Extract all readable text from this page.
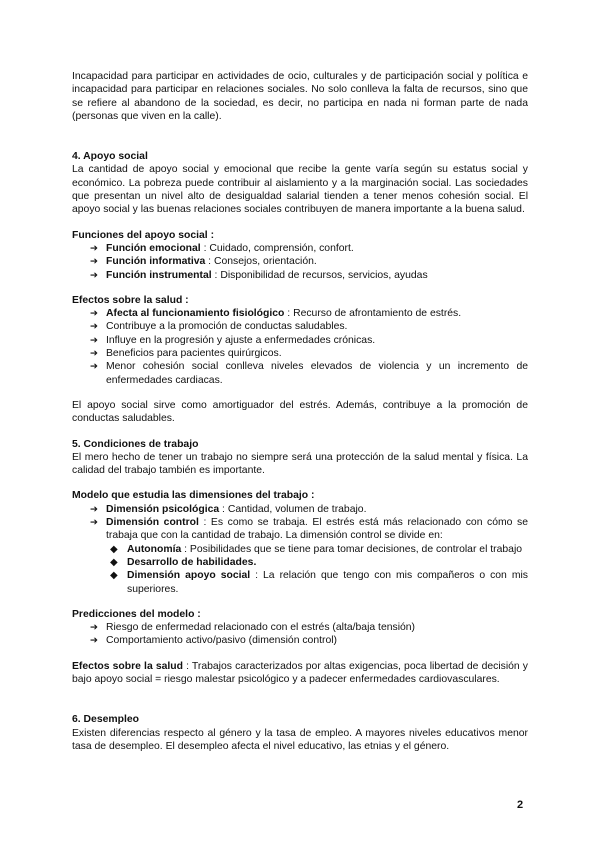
Incapacidad para participar en actividades de ocio, culturales y de participación social y política e incapacidad para participar en relaciones sociales. No solo conlleva la falta de recursos, sino que se refiere al abandono de la sociedad, es decir, no participa en nada ni forman parte de nada (personas que viven en la calle).

4. Apoyo social

La cantidad de apoyo social y emocional que recibe la gente varía según su estatus social y económico. La pobreza puede contribuir al aislamiento y a la marginación social. Las sociedades que presentan un nivel alto de desigualdad salarial tienden a tener menos cohesión social. El apoyo social y las buenas relaciones sociales contribuyen de manera importante a la buena salud.

Funciones del apoyo social :

➔ Función emocional : Cuidado, comprensión, confort.
➔ Función informativa : Consejos, orientación.
➔ Función instrumental : Disponibilidad de recursos, servicios, ayudas

Efectos sobre la salud :

➔ Afecta al funcionamiento fisiológico : Recurso de afrontamiento de estrés.
➔ Contribuye a la promoción de conductas saludables.
➔ Influye en la progresión y ajuste a enfermedades crónicas.
➔ Beneficios para pacientes quirúrgicos.
➔ Menor cohesión social conlleva niveles elevados de violencia y un incremento de enfermedades cardiacas.

El apoyo social sirve como amortiguador del estrés. Además, contribuye a la promoción de conductas saludables.

5. Condiciones de trabajo

El mero hecho de tener un trabajo no siempre será una protección de la salud mental y física. La calidad del trabajo también es importante.

Modelo que estudia las dimensiones del trabajo :

➔ Dimensión psicológica : Cantidad, volumen de trabajo.
➔ Dimensión control : Es como se trabaja. El estrés está más relacionado con cómo se trabaja que con la cantidad de trabajo. La dimensión control se divide en:
◆ Autonomía : Posibilidades que se tiene para tomar decisiones, de controlar el trabajo
◆ Desarrollo de habilidades.
◆ Dimensión apoyo social : La relación que tengo con mis compañeros o con mis superiores.

Predicciones del modelo :

➔ Riesgo de enfermedad relacionado con el estrés (alta/baja tensión)
➔ Comportamiento activo/pasivo (dimensión control)

Efectos sobre la salud : Trabajos caracterizados por altas exigencias, poca libertad de decisión y bajo apoyo social = riesgo malestar psicológico y a padecer enfermedades cardiovasculares.

6. Desempleo

Existen diferencias respecto al género y la tasa de empleo. A mayores niveles educativos menor tasa de desempleo. El desempleo afecta el nivel educativo, las etnias y el género.

2
